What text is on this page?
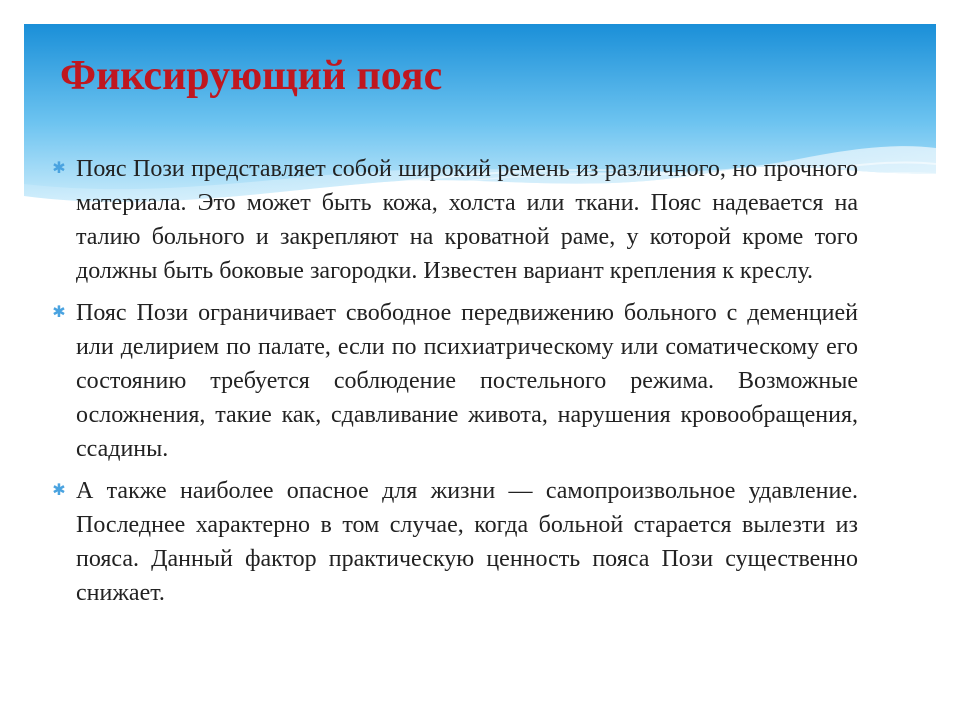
Фиксирующий пояс
✱ Пояс Пози представляет собой широкий ремень из различного, но прочного материала. Это может быть кожа, холста или ткани. Пояс надевается на талию больного и закрепляют на кроватной раме, у которой кроме того должны быть боковые загородки. Известен вариант крепления к креслу.
✱ Пояс Пози ограничивает свободное передвижению больного с деменцией или делирием по палате, если по психиатрическому или соматическому его состоянию требуется соблюдение постельного режима. Возможные осложнения, такие как, сдавливание живота, нарушения кровообращения, ссадины.
✱ А также наиболее опасное для жизни — самопроизвольное удавление. Последнее характерно в том случае, когда больной старается вылезти из пояса. Данный фактор практическую ценность пояса Пози существенно снижает.
